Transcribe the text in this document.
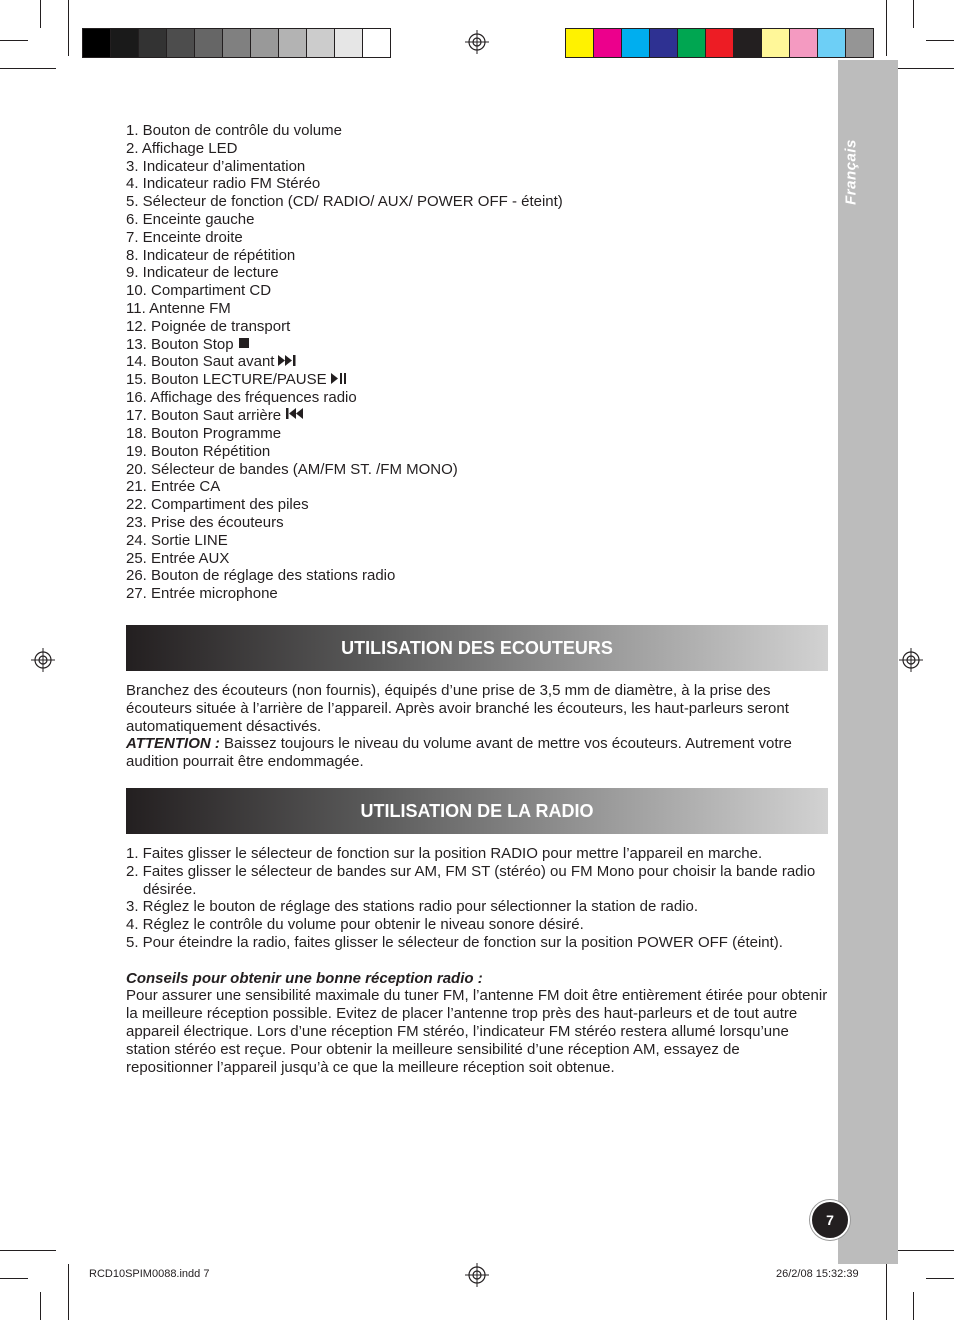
Français
7
1. Bouton de contrôle du volume
2. Affichage LED
3. Indicateur d’alimentation
4. Indicateur radio FM Stéréo
5. Sélecteur de fonction (CD/ RADIO/ AUX/ POWER OFF - éteint)
6. Enceinte gauche
7. Enceinte droite
8. Indicateur de répétition
9. Indicateur de lecture
10. Compartiment CD
11. Antenne FM
12. Poignée de transport
13. Bouton Stop
14. Bouton Saut avant
15. Bouton LECTURE/PAUSE
16. Affichage des fréquences radio
17. Bouton Saut arrière
18. Bouton Programme
19. Bouton Répétition
20. Sélecteur de bandes (AM/FM ST. /FM MONO)
21. Entrée CA
22. Compartiment des piles
23. Prise des écouteurs
24. Sortie LINE
25. Entrée AUX
26. Bouton de réglage des stations radio
27. Entrée microphone
UTILISATION DES ECOUTEURS

Branchez des écouteurs (non fournis), équipés d’une prise de 3,5 mm de diamètre, à la prise des écouteurs située à l’arrière de l’appareil. Après avoir branché les écouteurs, les haut-parleurs seront automatiquement désactivés.

ATTENTION : Baissez toujours le niveau du volume avant de mettre vos écouteurs. Autrement votre audition pourrait être endommagée.

UTILISATION DE LA RADIO
1. Faites glisser le sélecteur de fonction sur la position RADIO pour mettre l’appareil en marche.
2. Faites glisser le sélecteur de bandes sur AM, FM ST (stéréo) ou FM Mono pour choisir la bande radio désirée.
3. Réglez le bouton de réglage des stations radio pour sélectionner la station de radio.
4. Réglez le contrôle du volume pour obtenir le niveau sonore désiré.
5. Pour éteindre la radio, faites glisser le sélecteur de fonction sur la position POWER OFF (éteint).

Conseils pour obtenir une bonne réception radio :

Pour assurer une sensibilité maximale du tuner FM, l’antenne FM doit être entièrement étirée pour obtenir la meilleure réception possible. Evitez de placer l’antenne trop près des haut-parleurs et de tout autre appareil électrique. Lors d’une réception FM stéréo, l’indicateur FM stéréo restera allumé lorsqu’une station stéréo est reçue. Pour obtenir la meilleure sensibilité d’une réception AM, essayez de repositionner l’appareil jusqu’à ce que la meilleure réception soit obtenue.

RCD10SPIM0088.indd 7	26/2/08 15:32:39
